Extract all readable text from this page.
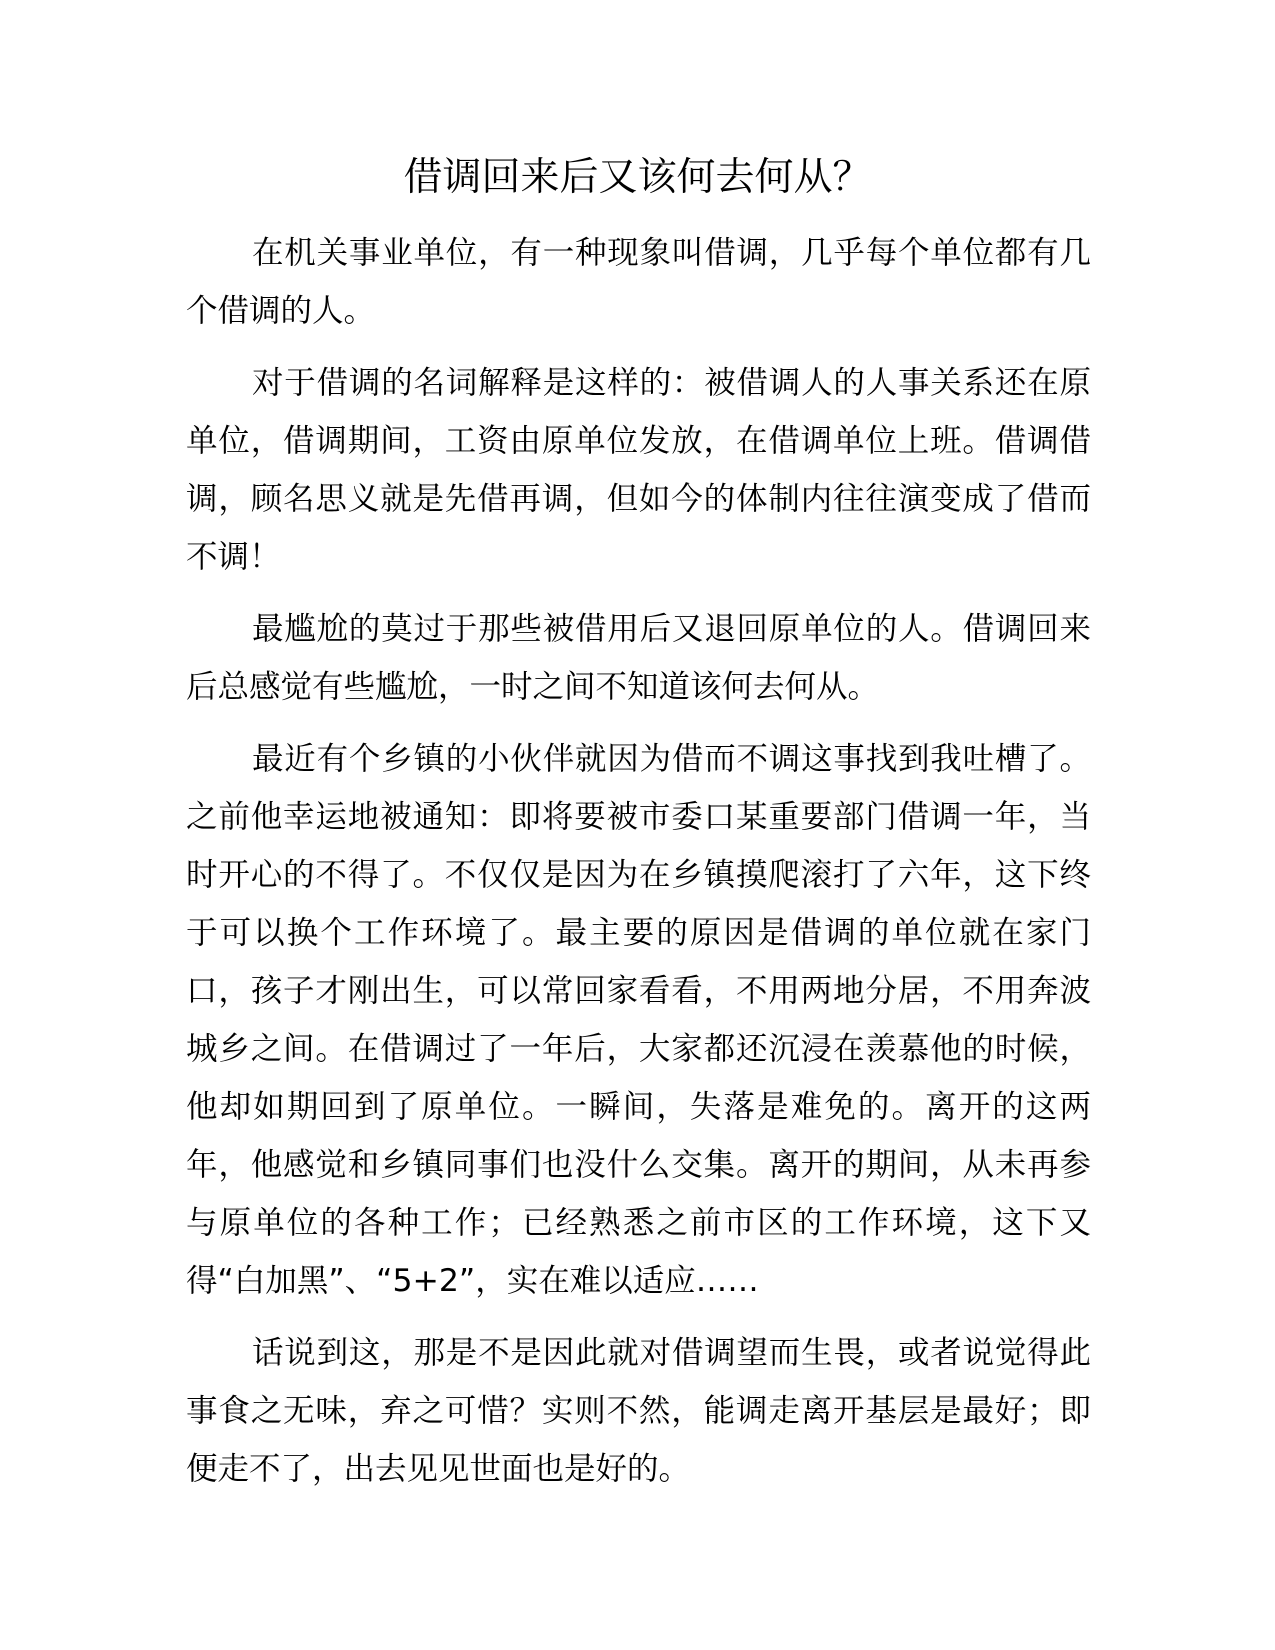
借调回来后又该何去何从？

在机关事业单位，有一种现象叫借调，几乎每个单位都有几个借调的人。

对于借调的名词解释是这样的：被借调人的人事关系还在原单位，借调期间，工资由原单位发放，在借调单位上班。借调借调，顾名思义就是先借再调，但如今的体制内往往演变成了借而不调！

最尴尬的莫过于那些被借用后又退回原单位的人。借调回来后总感觉有些尴尬，一时之间不知道该何去何从。

最近有个乡镇的小伙伴就因为借而不调这事找到我吐槽了。之前他幸运地被通知：即将要被市委口某重要部门借调一年，当时开心的不得了。不仅仅是因为在乡镇摸爬滚打了六年，这下终于可以换个工作环境了。最主要的原因是借调的单位就在家门口，孩子才刚出生，可以常回家看看，不用两地分居，不用奔波城乡之间。在借调过了一年后，大家都还沉浸在羡慕他的时候，他却如期回到了原单位。一瞬间，失落是难免的。离开的这两年，他感觉和乡镇同事们也没什么交集。离开的期间，从未再参与原单位的各种工作；已经熟悉之前市区的工作环境，这下又得“白加黑”、“5+2”，实在难以适应……

话说到这，那是不是因此就对借调望而生畏，或者说觉得此事食之无味，弃之可惜？实则不然，能调走离开基层是最好；即便走不了，出去见见世面也是好的。
